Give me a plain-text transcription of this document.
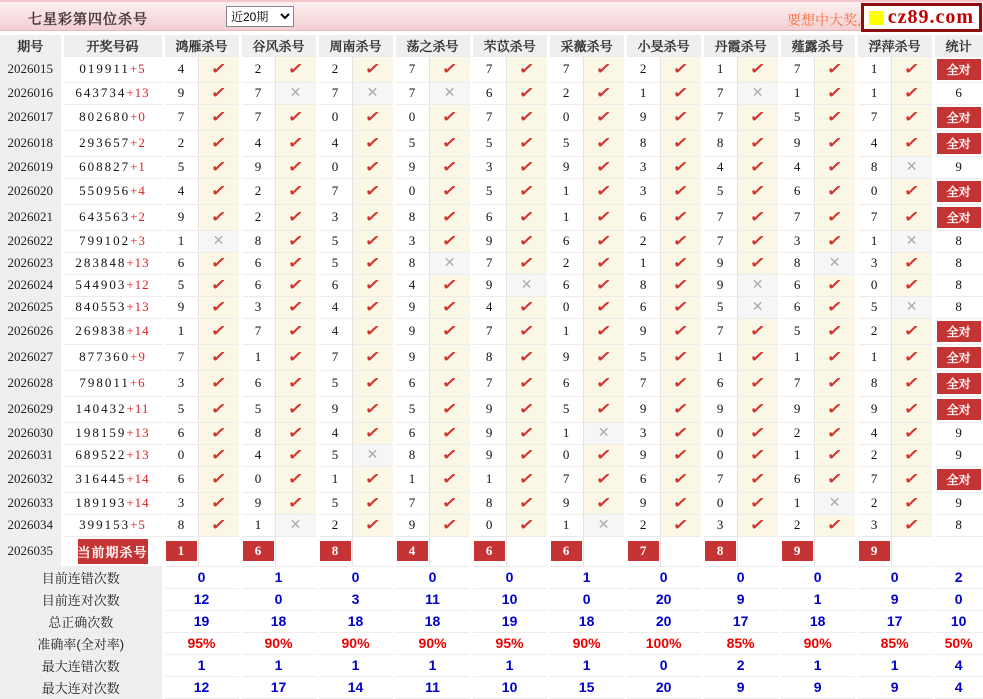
七星彩第四位杀号
近20期	要想中大奖, cz89.com
期号	开奖号码	鸿雁杀号		谷风杀号		周南杀号		荡之杀号		芣苡杀号		采薇杀号		小旻杀号		丹霞杀号		薤露杀号		浮萍杀号		统计
2026015	019911+5	4	✓	2	✓	2	✓	7	✓	7	✓	7	✓	2	✓	1	✓	7	✓	1	✓	全对

2026016	643734+13	9	✓	7	✕	7	✕	7	✕	6	✓	2	✓	1	✓	7	✕	1	✓	1	✓	6
2026017	802680+0	7	✓	7	✓	0	✓	0	✓	7	✓	0	✓	9	✓	7	✓	5	✓	7	✓	全对

2026018	293657+2	2	✓	4	✓	4	✓	5	✓	5	✓	5	✓	8	✓	8	✓	9	✓	4	✓	全对

2026019	608827+1	5	✓	9	✓	0	✓	9	✓	3	✓	9	✓	3	✓	4	✓	4	✓	8	✕	9
2026020	550956+4	4	✓	2	✓	7	✓	0	✓	5	✓	1	✓	3	✓	5	✓	6	✓	0	✓	全对

2026021	643563+2	9	✓	2	✓	3	✓	8	✓	6	✓	1	✓	6	✓	7	✓	7	✓	7	✓	全对

2026022	799102+3	1	✕	8	✓	5	✓	3	✓	9	✓	6	✓	2	✓	7	✓	3	✓	1	✕	8
2026023	283848+13	6	✓	6	✓	5	✓	8	✕	7	✓	2	✓	1	✓	9	✓	8	✕	3	✓	8
2026024	544903+12	5	✓	6	✓	6	✓	4	✓	9	✕	6	✓	8	✓	9	✕	6	✓	0	✓	8
2026025	840553+13	9	✓	3	✓	4	✓	9	✓	4	✓	0	✓	6	✓	5	✕	6	✓	5	✕	8
2026026	269838+14	1	✓	7	✓	4	✓	9	✓	7	✓	1	✓	9	✓	7	✓	5	✓	2	✓	全对

2026027	877360+9	7	✓	1	✓	7	✓	9	✓	8	✓	9	✓	5	✓	1	✓	1	✓	1	✓	全对

2026028	798011+6	3	✓	6	✓	5	✓	6	✓	7	✓	6	✓	7	✓	6	✓	7	✓	8	✓	全对

2026029	140432+11	5	✓	5	✓	9	✓	5	✓	9	✓	5	✓	9	✓	9	✓	9	✓	9	✓	全对

2026030	198159+13	6	✓	8	✓	4	✓	6	✓	9	✓	1	✕	3	✓	0	✓	2	✓	4	✓	9
2026031	689522+13	0	✓	4	✓	5	✕	8	✓	9	✓	0	✓	9	✓	0	✓	1	✓	2	✓	9
2026032	316445+14	6	✓	0	✓	1	✓	1	✓	1	✓	7	✓	6	✓	7	✓	6	✓	7	✓	全对

2026033	189193+14	3	✓	9	✓	5	✓	7	✓	8	✓	9	✓	9	✓	0	✓	1	✕	2	✓	9
2026034	399153+5	8	✓	1	✕	2	✓	9	✓	0	✓	1	✕	2	✓	3	✓	2	✓	3	✓	8
2026035	当前期杀号	1		6		8		4		6		6		7		8		9		9		

目前连错次数		0		1		0		0		0		1		0		0		0		0		2
目前连对次数		12		0		3		11		10		0		20		9		1		9		0
总正确次数		19		18		18		18		19		18		20		17		18		17		10
准确率(全对率)		95%		90%		90%		90%		95%		90%		100%		85%		90%		85%		50%
最大连错次数		1		1		1		1		1		1		0		2		1		1		4
最大连对次数		12		17		14		11		10		15		20		9		9		9		4
